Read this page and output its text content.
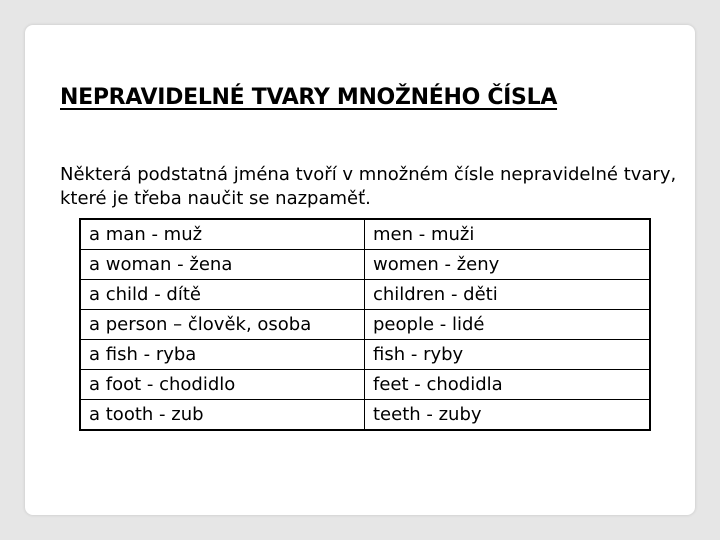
NEPRAVIDELNÉ TVARY MNOŽNÉHO ČÍSLA

Některá podstatná jména tvoří v množném čísle nepravidelné tvary, které je třeba naučit se nazpaměť.

a man - muž	men - muži
a woman - žena	women - ženy
a child - dítě	children - děti
a person – člověk, osoba	people - lidé
a fish - ryba	fish - ryby
a foot - chodidlo	feet - chodidla
a tooth - zub	teeth - zuby
